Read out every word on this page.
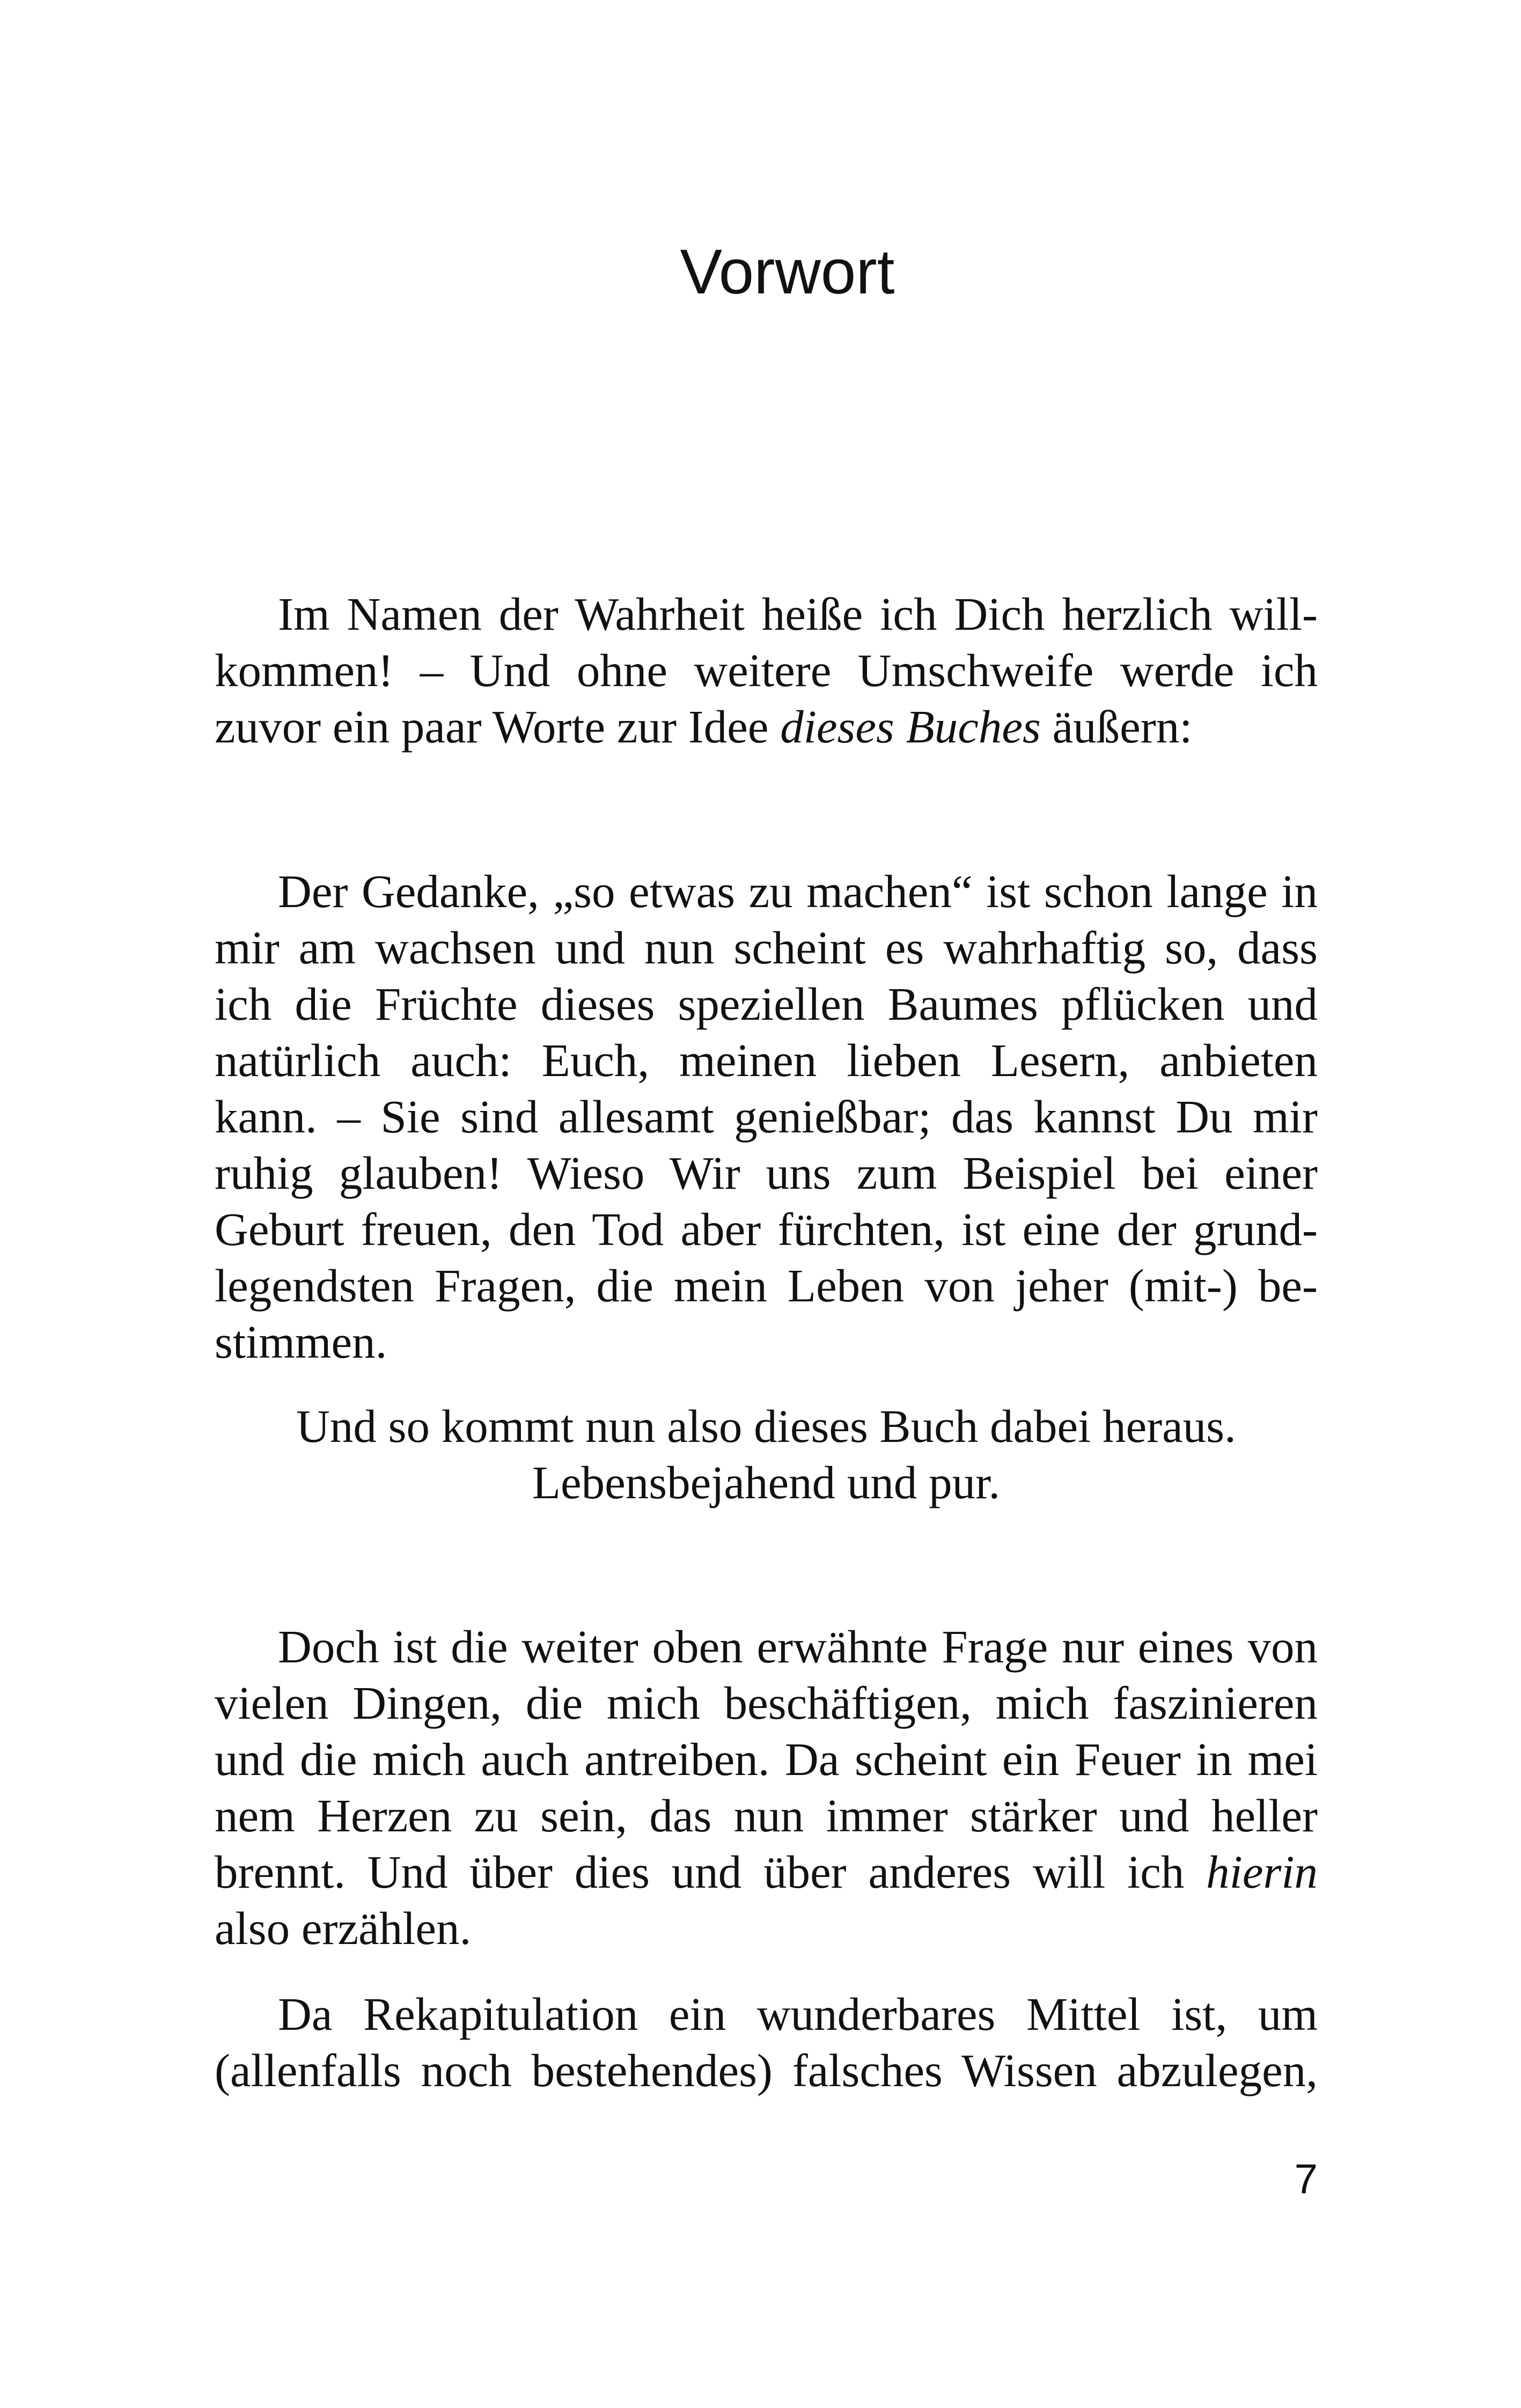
Vorwort
Im Namen der Wahrheit heiße ich Dich herzlich will-
kommen! – Und ohne weitere Umschweife werde ich
zuvor ein paar Worte zur Idee dieses Buches äußern:
Der Gedanke, „so etwas zu machen“ ist schon lange in
mir am wachsen und nun scheint es wahrhaftig so, dass
ich die Früchte dieses speziellen Baumes pflücken und
natürlich auch: Euch, meinen lieben Lesern, anbieten
kann. – Sie sind allesamt genießbar; das kannst Du mir
ruhig glauben! Wieso Wir uns zum Beispiel bei einer
Geburt freuen, den Tod aber fürchten, ist eine der grund-
legendsten Fragen, die mein Leben von jeher (mit-) be-
stimmen.
Und so kommt nun also dieses Buch dabei heraus.
Lebensbejahend und pur.
Doch ist die weiter oben erwähnte Frage nur eines von
vielen Dingen, die mich beschäftigen, mich faszinieren
und die mich auch antreiben. Da scheint ein Feuer in mei
nem Herzen zu sein, das nun immer stärker und heller
brennt. Und über dies und über anderes will ich hierin
also erzählen.
Da Rekapitulation ein wunderbares Mittel ist, um
(allenfalls noch bestehendes) falsches Wissen abzulegen,
7
